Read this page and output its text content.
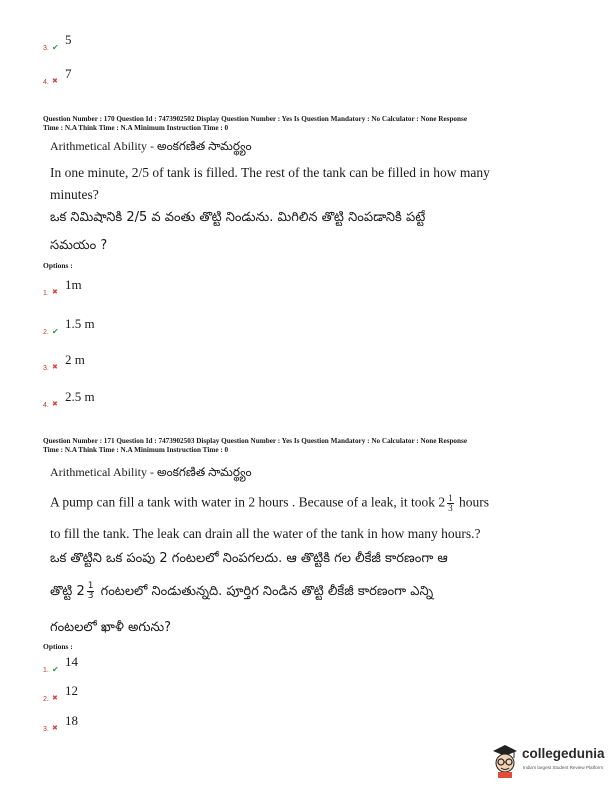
3. ✔
5
4. ✖ 7
Question Number : 170 Question Id : 7473902502 Display Question Number : Yes Is Question Mandatory : No Calculator : None Response
Time : N.A Think Time : N.A Minimum Instruction Time : 0
Arithmetical Ability - అంకగణిత సామర్థ్యం
In one minute, 2/5 of tank is filled. The rest of the tank can be filled in how many
minutes?
ఒక నిమిషానికి 2/5 వ వంతు తొట్టి నిండును. మిగిలిన తొట్టి నింపడానికి పట్టే
సమయం ?
Options :
1. ✖ 1m
2. ✔
1.5 m
3. ✖ 2 m
4. ✖ 2.5 m
Question Number : 171 Question Id : 7473902503 Display Question Number : Yes Is Question Mandatory : No Calculator : None Response
Time : N.A Think Time : N.A Minimum Instruction Time : 0
Arithmetical Ability - అంకగణిత సామర్థ్యం
A pump can fill a tank with water in 2 hours . Because of a leak, it took $2 \frac{1}{3}$ hours
to fill the tank. The leak can drain all the water of the tank in how many hours.?
ఒక తొట్టిని ఒక పంపు 2 గంటలలో నింపగలదు. ఆ తొట్టికి గల లీకేజీ కారణంగా ఆ
తొట్టి $2 \frac{1}{3}$ గంటలలో నిండుతున్నది. పూర్తిగ నిండిన తొట్టి లీకేజీ కారణంగా ఎన్ని
గంటలలో ఖాళీ అగును?
Options :
1. ✔
14
2. ✖ 12
3. ✖ 18
collegedunia
India's largest Student Review Platform
